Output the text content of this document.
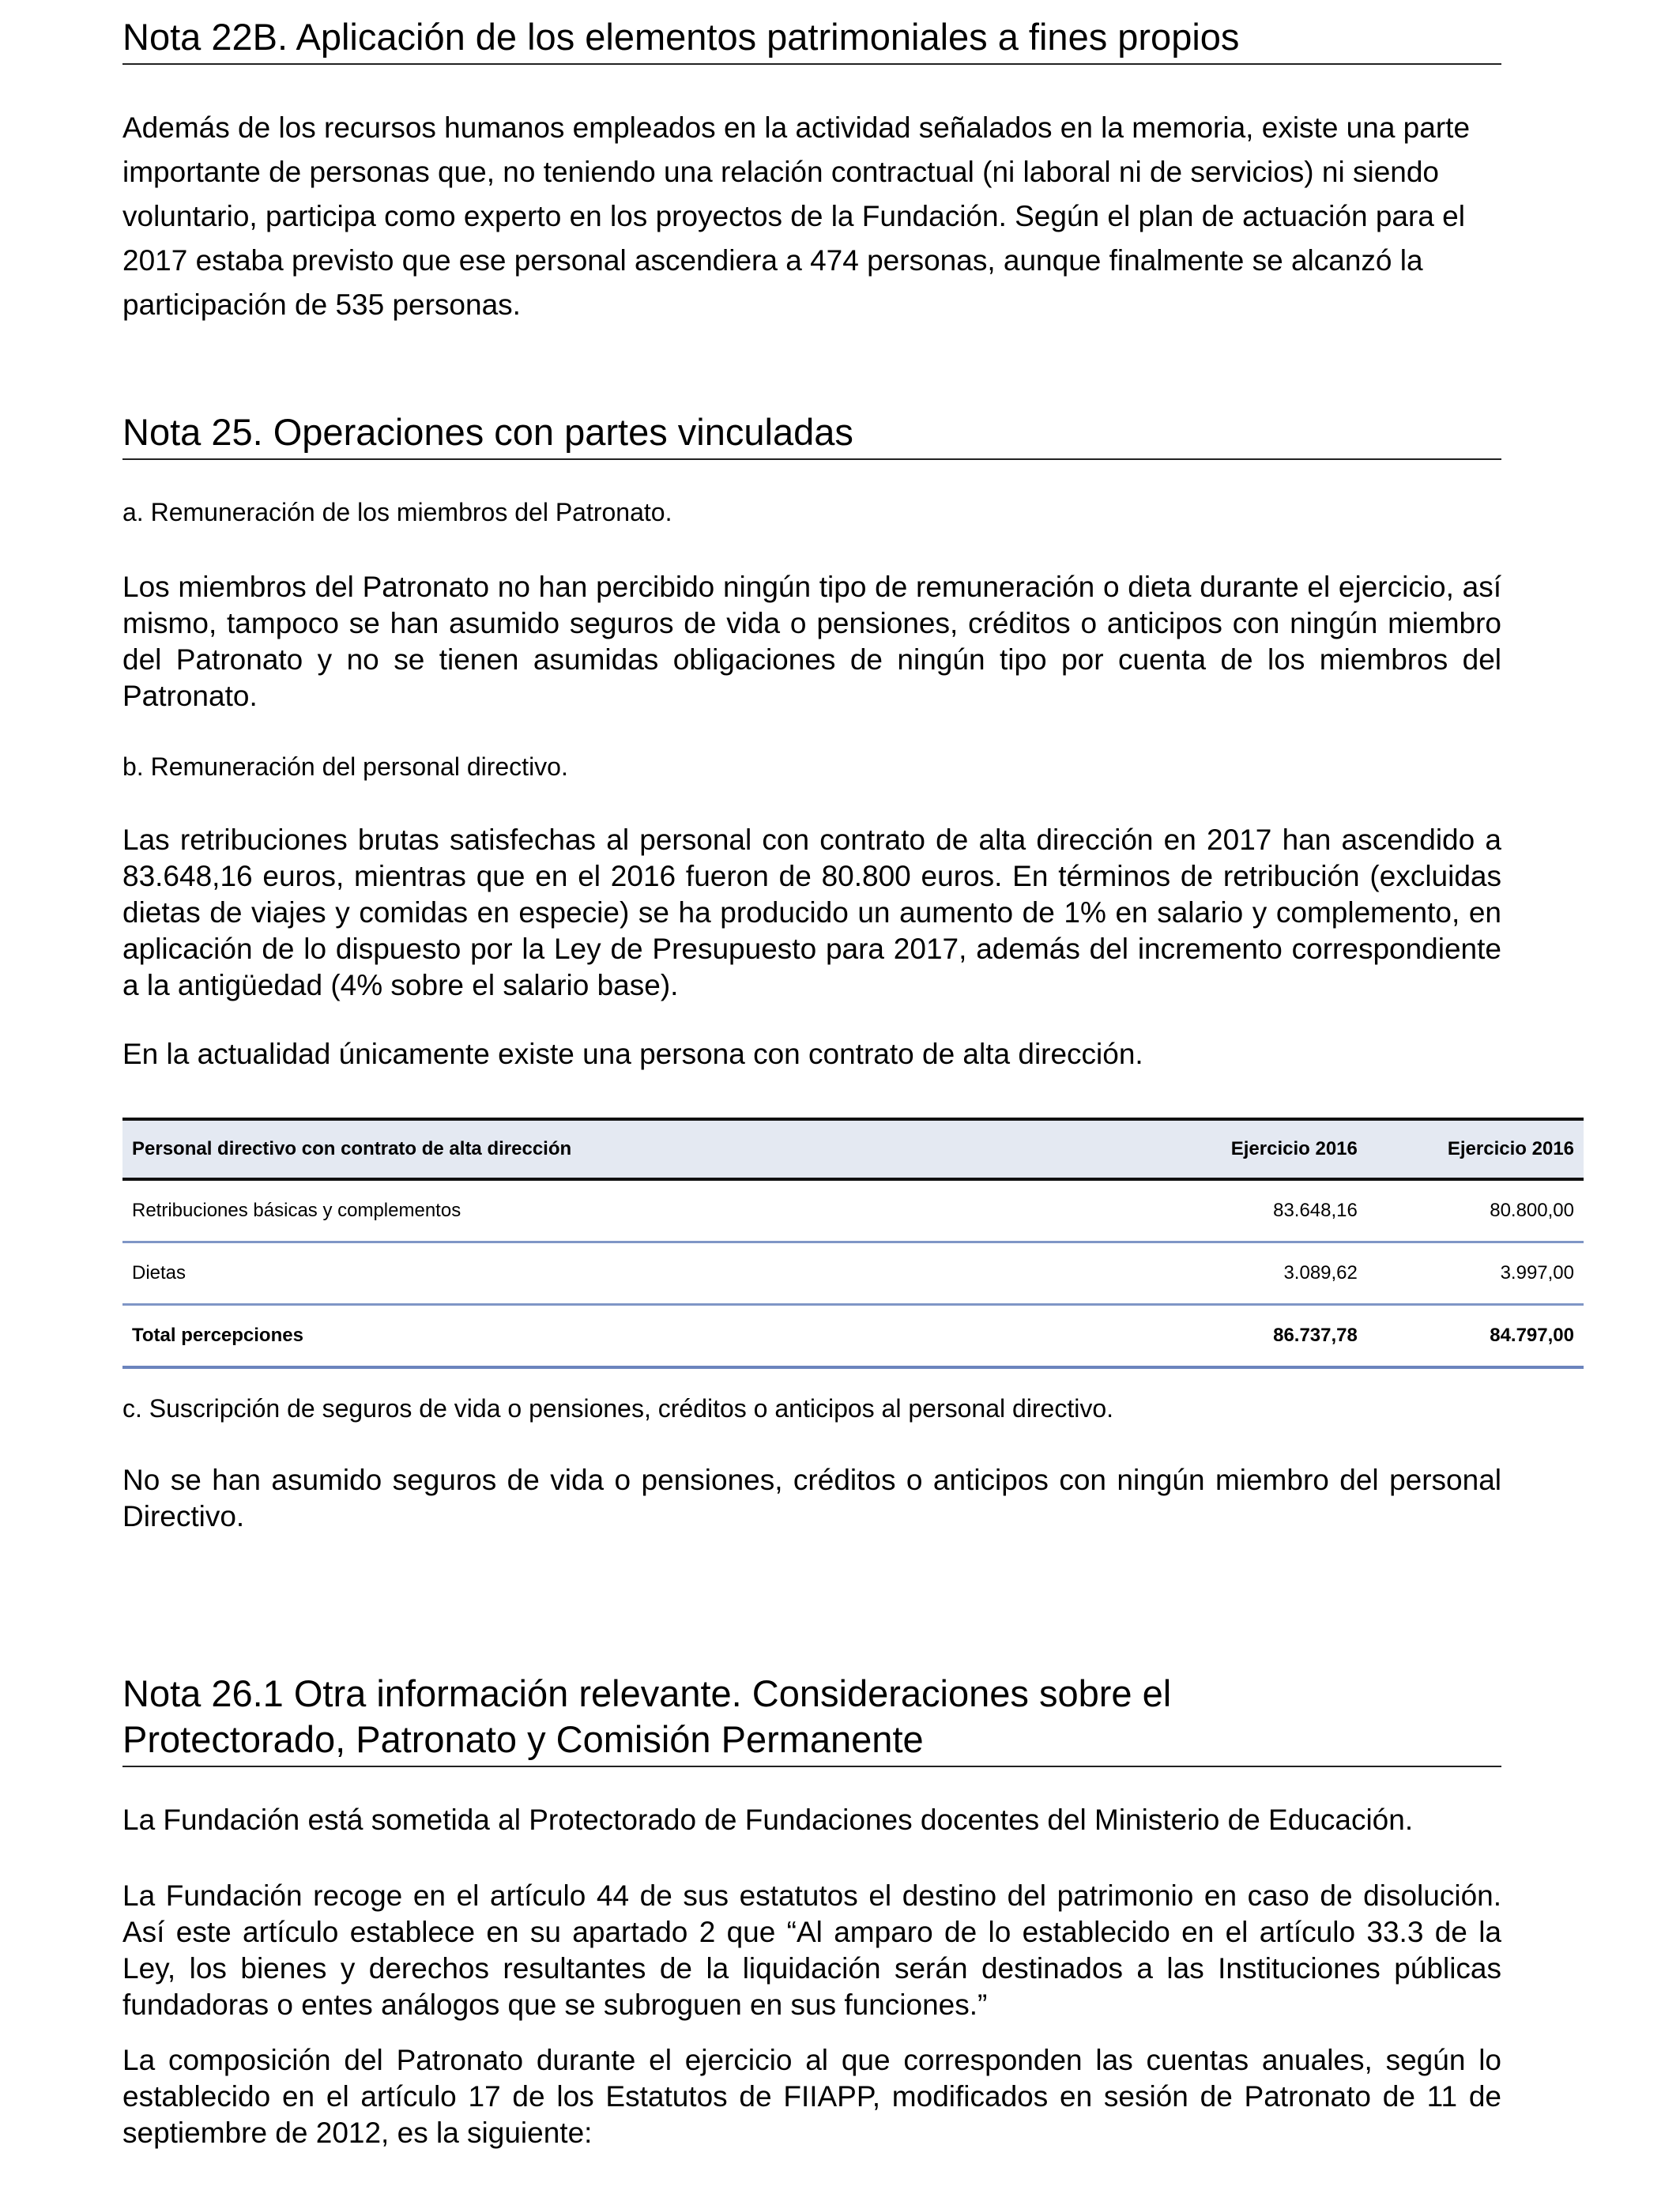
Nota 22B. Aplicación de los elementos patrimoniales a fines propios

Además de los recursos humanos empleados en la actividad señalados en la memoria, existe una parte importante de personas que, no teniendo una relación contractual (ni laboral ni de servicios) ni siendo voluntario, participa como experto en los proyectos de la Fundación. Según el plan de actuación para el 2017 estaba previsto que ese personal ascendiera a 474 personas, aunque finalmente se alcanzó la participación de 535 personas.

Nota 25. Operaciones con partes vinculadas

a. Remuneración de los miembros del Patronato.

Los miembros del Patronato no han percibido ningún tipo de remuneración o dieta durante el ejercicio, así mismo, tampoco se han asumido seguros de vida o pensiones, créditos o anticipos con ningún miembro del Patronato y no se tienen asumidas obligaciones de ningún tipo por cuenta de los miembros del Patronato.

b. Remuneración del personal directivo.

Las retribuciones brutas satisfechas al personal con contrato de alta dirección en 2017 han ascendido a 83.648,16 euros, mientras que en el 2016 fueron de 80.800 euros. En términos de retribución (excluidas dietas de viajes y comidas en especie) se ha producido un aumento de 1% en salario y complemento, en aplicación de lo dispuesto por la Ley de Presupuesto para 2017, además del incremento correspondiente a la antigüedad (4% sobre el salario base).

En la actualidad únicamente existe una persona con contrato de alta dirección.

Personal directivo con contrato de alta dirección	Ejercicio 2016	Ejercicio 2016
Retribuciones básicas y complementos	83.648,16	80.800,00
Dietas	3.089,62	3.997,00
Total percepciones	86.737,78	84.797,00

c. Suscripción de seguros de vida o pensiones, créditos o anticipos al personal directivo.

No se han asumido seguros de vida o pensiones, créditos o anticipos con ningún miembro del personal Directivo.

Nota 26.1 Otra información relevante. Consideraciones sobre el
Protectorado, Patronato y Comisión Permanente

La Fundación está sometida al Protectorado de Fundaciones docentes del Ministerio de Educación.

La Fundación recoge en el artículo 44 de sus estatutos el destino del patrimonio en caso de disolución. Así este artículo establece en su apartado 2 que “Al amparo de lo establecido en el artículo 33.3 de la Ley, los bienes y derechos resultantes de la liquidación serán destinados a las Instituciones públicas fundadoras o entes análogos que se subroguen en sus funciones.”

La composición del Patronato durante el ejercicio al que corresponden las cuentas anuales, según lo establecido en el artículo 17 de los Estatutos de FIIAPP, modificados en sesión de Patronato de 11 de septiembre de 2012, es la siguiente:
